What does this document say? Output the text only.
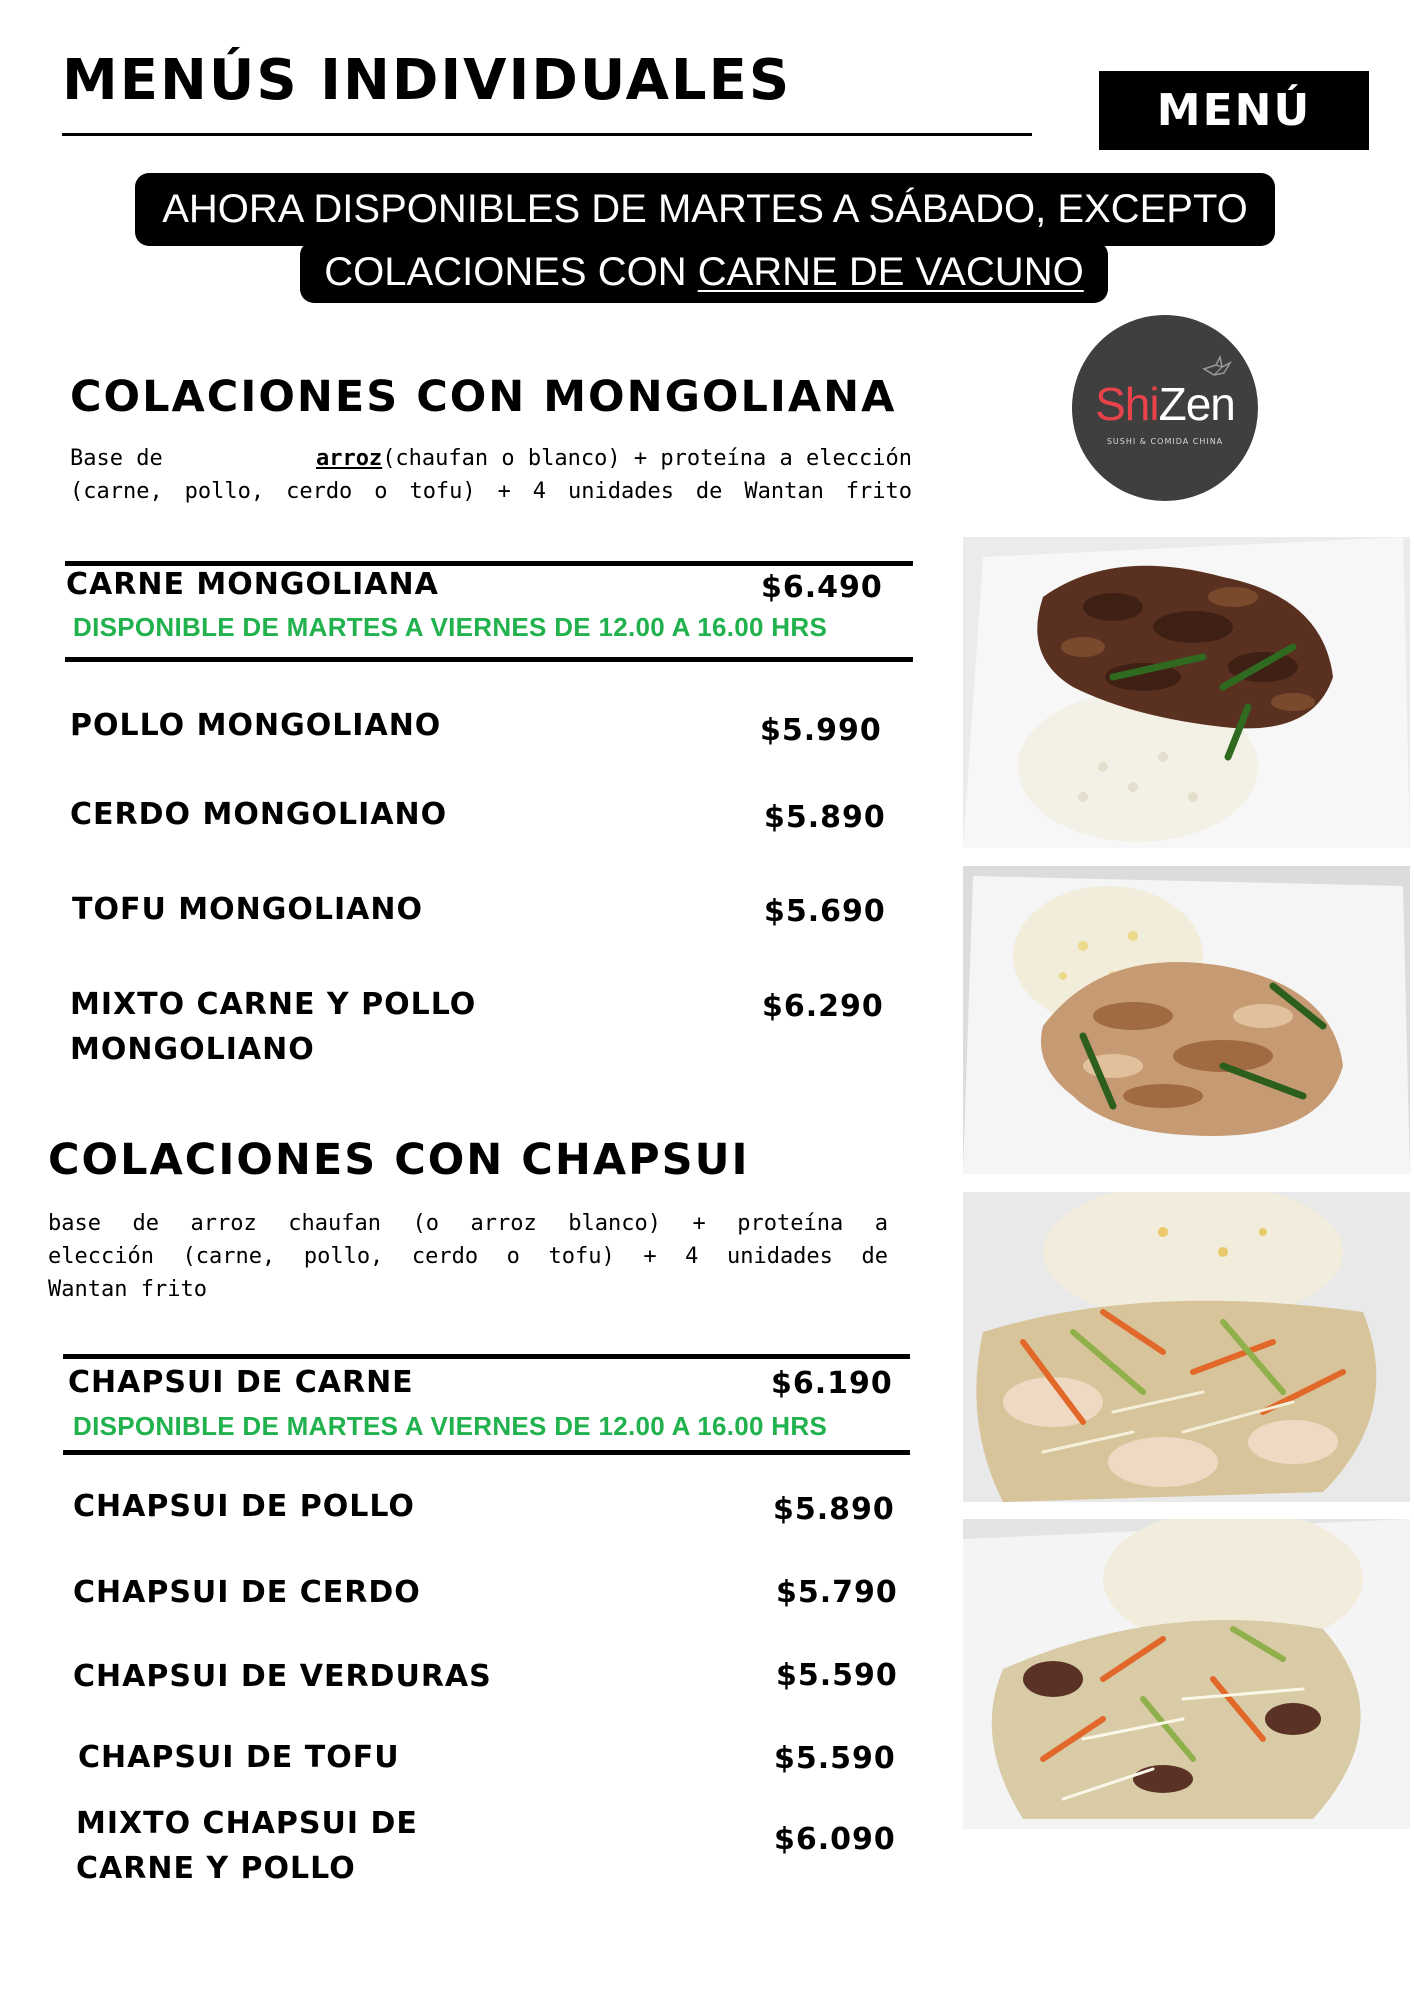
MENÚS INDIVIDUALES	MENÚ
AHORA DISPONIBLES DE MARTES A SÁBADO, EXCEPTO
COLACIONES CON
CARNE DE VACUNO
ShiZen
SUSHI & COMIDA CHINA
COLACIONES CON MONGOLIANA
Base de	arroz (chaufan o blanco) + proteína a elección
(carne, pollo, cerdo o tofu) + 4 unidades de Wantan frito
CARNE MONGOLIANA	$6.490
DISPONIBLE DE MARTES A VIERNES DE 12.00 A 16.00 HRS
POLLO MONGOLIANO	$5.990
CERDO MONGOLIANO	$5.890
TOFU MONGOLIANO	$5.690
MIXTO CARNE Y POLLO
MONGOLIANO
$6.290
COLACIONES CON CHAPSUI
base de arroz chaufan (o arroz blanco) + proteína a
elección (carne, pollo, cerdo o tofu) + 4 unidades de
Wantan frito
CHAPSUI DE CARNE	$6.190
DISPONIBLE DE MARTES A VIERNES DE 12.00 A 16.00 HRS
CHAPSUI DE POLLO	$5.890
CHAPSUI DE CERDO	$5.790
CHAPSUI DE VERDURAS	$5.590
CHAPSUI DE TOFU	$5.590
MIXTO CHAPSUI DE
CARNE Y POLLO
$6.090
